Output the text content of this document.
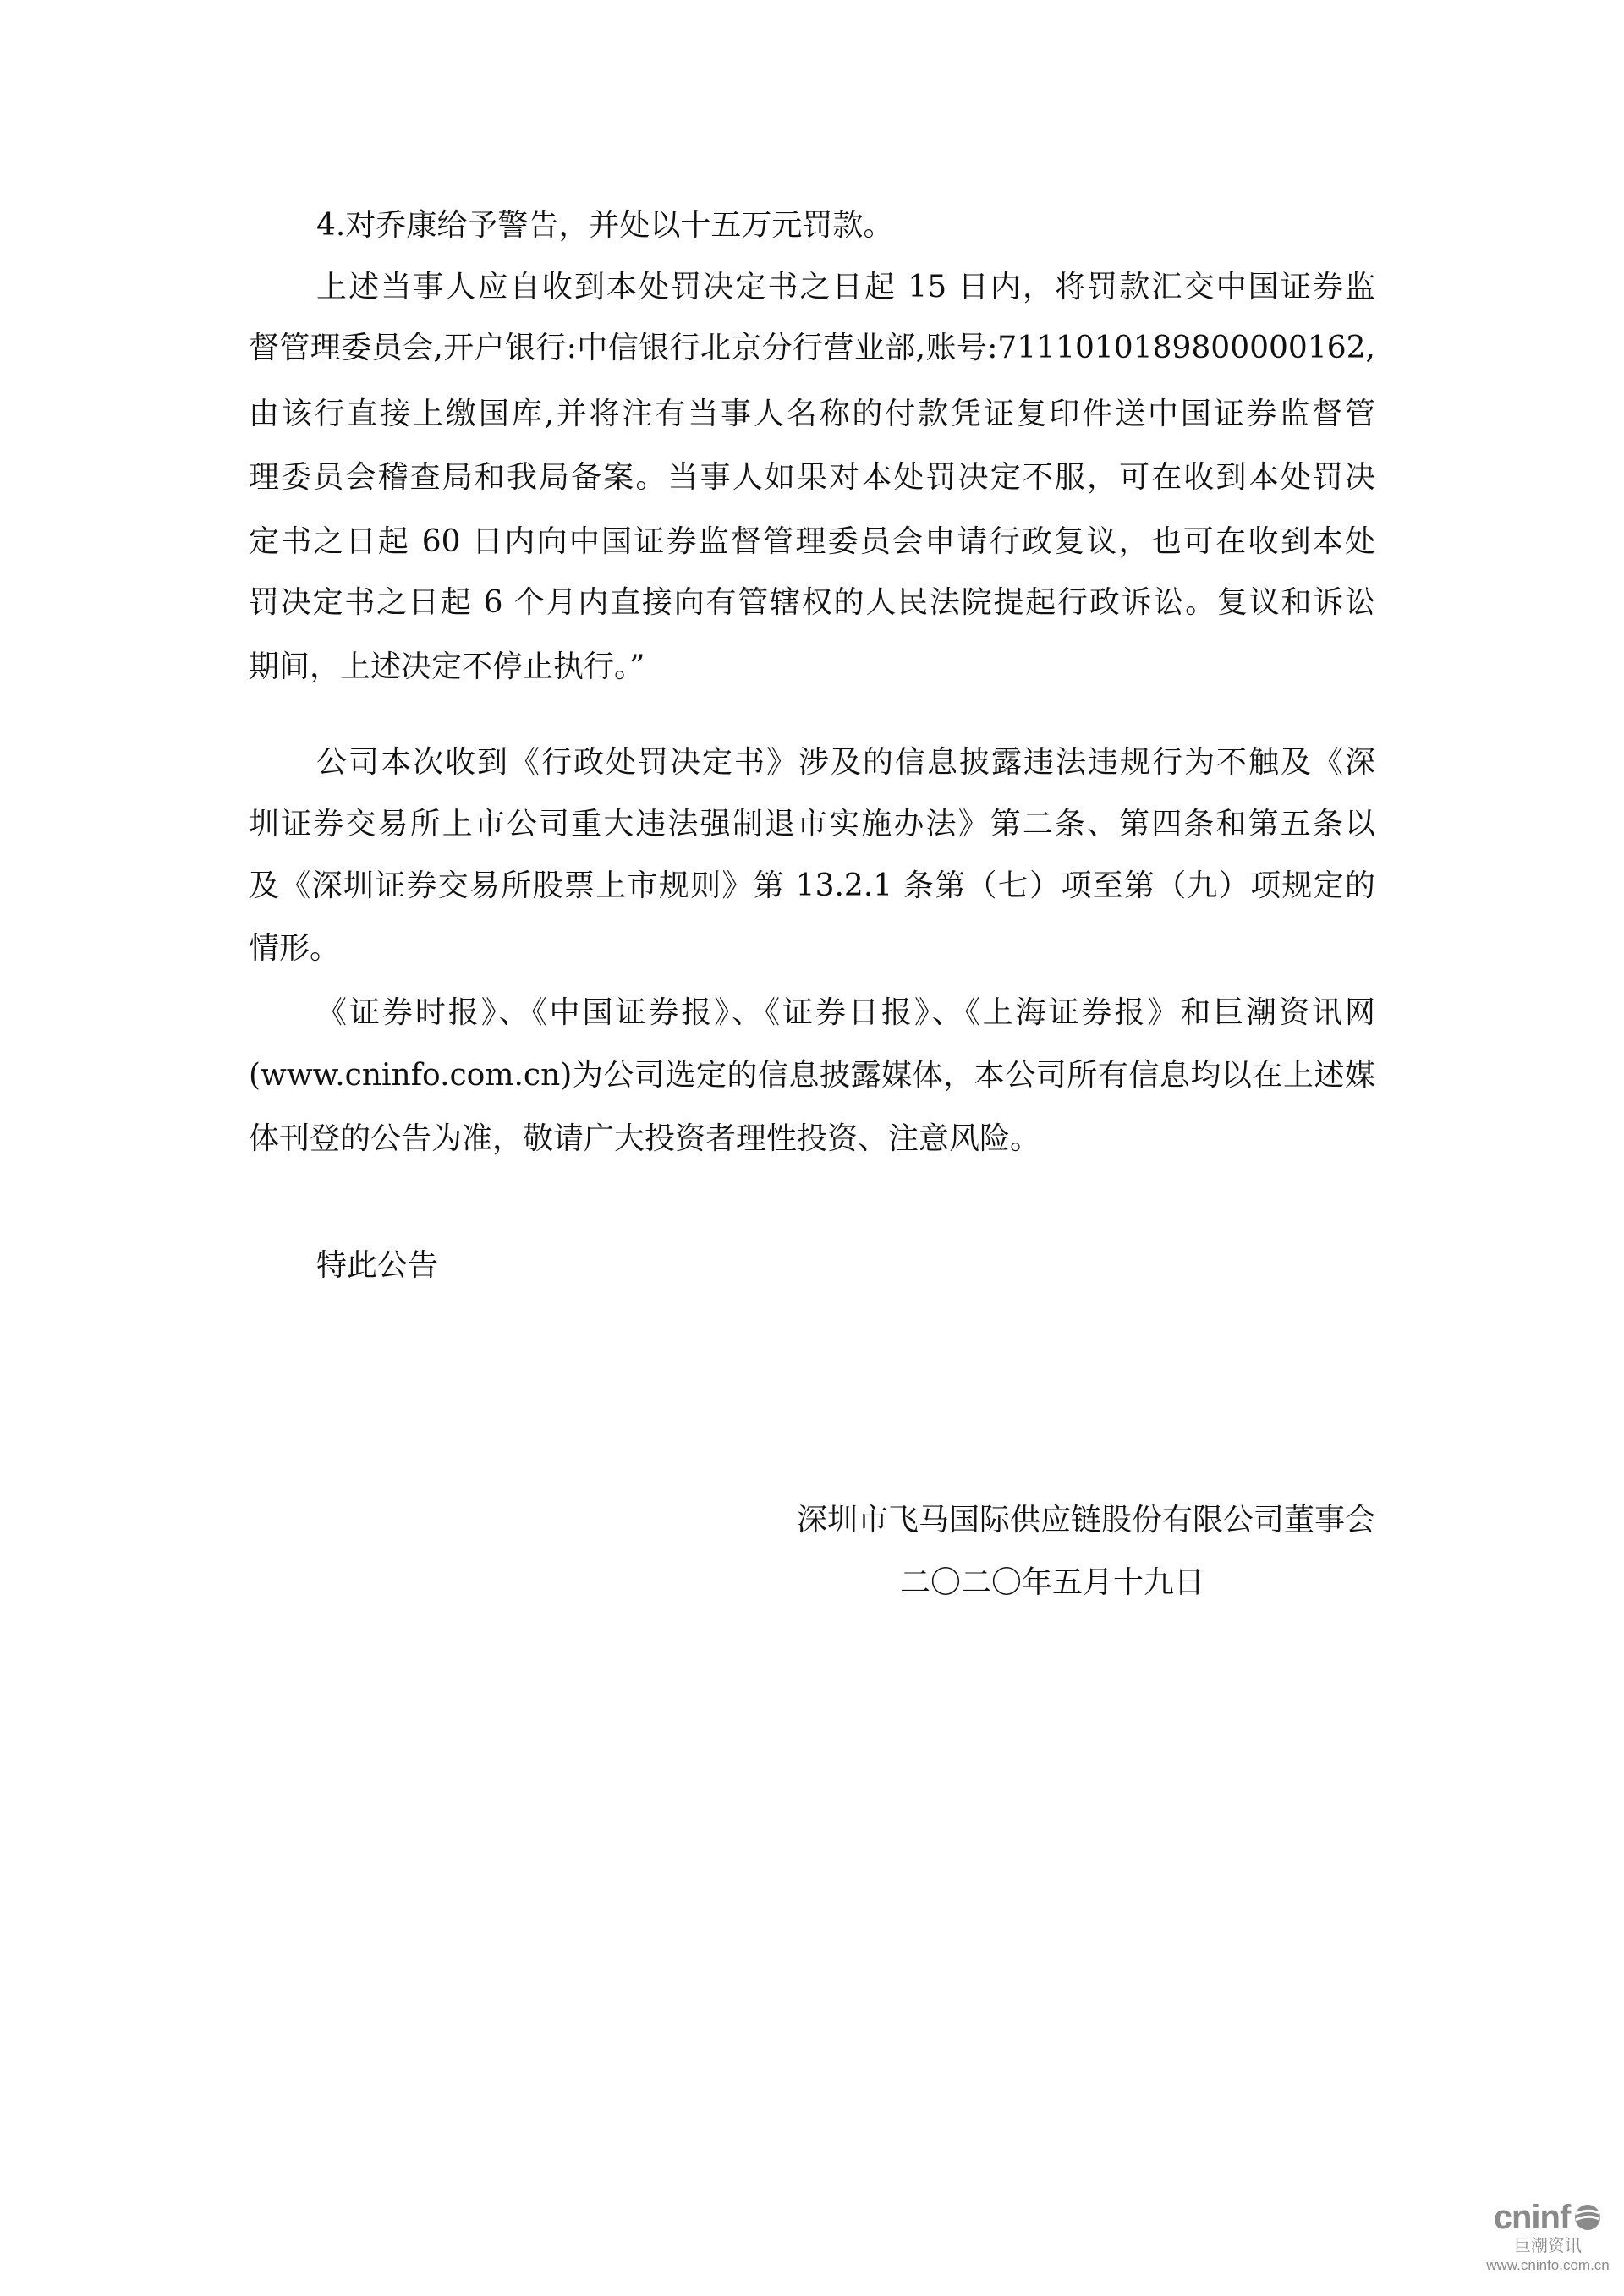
4.对乔康给予警告，并处以十五万元罚款。
上述当事人应自收到本处罚决定书之日起 15 日内，将罚款汇交中国证券监
督管理委员会,开户银行:中信银行北京分行营业部,账号:7111010189800000162,
由该行直接上缴国库,并将注有当事人名称的付款凭证复印件送中国证券监督管
理委员会稽查局和我局备案。当事人如果对本处罚决定不服，可在收到本处罚决
定书之日起 60 日内向中国证券监督管理委员会申请行政复议，也可在收到本处
罚决定书之日起 6 个月内直接向有管辖权的人民法院提起行政诉讼。复议和诉讼
期间，上述决定不停止执行。”
公司本次收到《行政处罚决定书》涉及的信息披露违法违规行为不触及《深
圳证券交易所上市公司重大违法强制退市实施办法》第二条、第四条和第五条以
及《深圳证券交易所股票上市规则》第 13.2.1 条第（七）项至第（九）项规定的
情形。
《证券时报》、《中国证券报》、《证券日报》、《上海证券报》和巨潮资讯网
(www.cninfo.com.cn)为公司选定的信息披露媒体，本公司所有信息均以在上述媒
体刊登的公告为准，敬请广大投资者理性投资、注意风险。
特此公告
深圳市飞马国际供应链股份有限公司董事会
二〇二〇年五月十九日
cninf
巨潮资讯
www.cninfo.com.cn
